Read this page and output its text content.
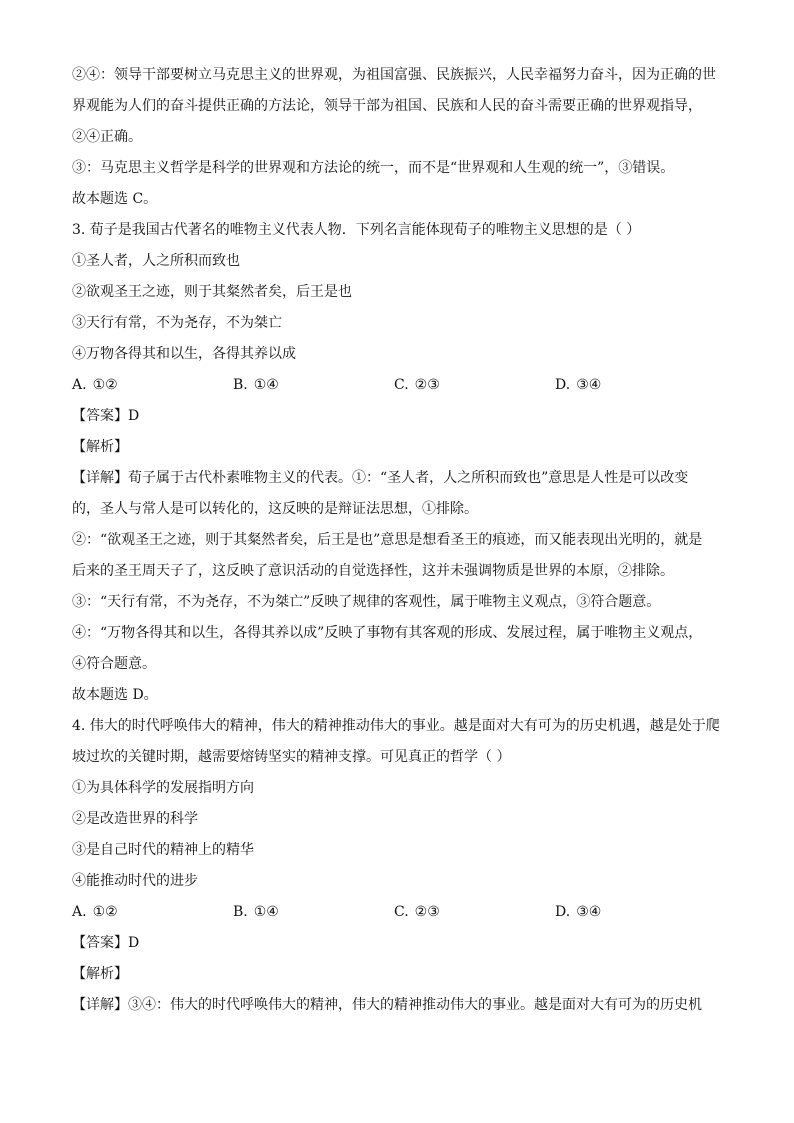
②④：领导干部要树立马克思主义的世界观，为祖国富强、民族振兴，人民幸福努力奋斗，因为正确的世
界观能为人们的奋斗提供正确的方法论，领导干部为祖国、民族和人民的奋斗需要正确的世界观指导，
②④正确。
③：马克思主义哲学是科学的世界观和方法论的统一，而不是“世界观和人生观的统一”，③错误。
故本题选 C。
3. 荀子是我国古代著名的唯物主义代表人物．下列名言能体现荀子的唯物主义思想的是（ ）
①圣人者，人之所积而致也
②欲观圣王之迹，则于其粲然者矣，后王是也
③天行有常，不为尧存，不为桀亡
④万物各得其和以生，各得其养以成
A. ①②	B. ①④	C. ②③	D. ③④
【答案】D
【解析】
【详解】荀子属于古代朴素唯物主义的代表。①：“圣人者，人之所积而致也”意思是人性是可以改变
的，圣人与常人是可以转化的，这反映的是辩证法思想，①排除。
②：“欲观圣王之迹，则于其粲然者矣，后王是也”意思是想看圣王的痕迹，而又能表现出光明的，就是
后来的圣王周天子了，这反映了意识活动的自觉选择性，这并未强调物质是世界的本原，②排除。
③：“天行有常，不为尧存，不为桀亡”反映了规律的客观性，属于唯物主义观点，③符合题意。
④：“万物各得其和以生，各得其养以成”反映了事物有其客观的形成、发展过程，属于唯物主义观点，
④符合题意。
故本题选 D。
4. 伟大的时代呼唤伟大的精神，伟大的精神推动伟大的事业。越是面对大有可为的历史机遇，越是处于爬
坡过坎的关键时期，越需要熔铸坚实的精神支撑。可见真正的哲学（ ）
①为具体科学的发展指明方向
②是改造世界的科学
③是自己时代的精神上的精华
④能推动时代的进步
A. ①②	B. ①④	C. ②③	D. ③④
【答案】D
【解析】
【详解】③④：伟大的时代呼唤伟大的精神，伟大的精神推动伟大的事业。越是面对大有可为的历史机
